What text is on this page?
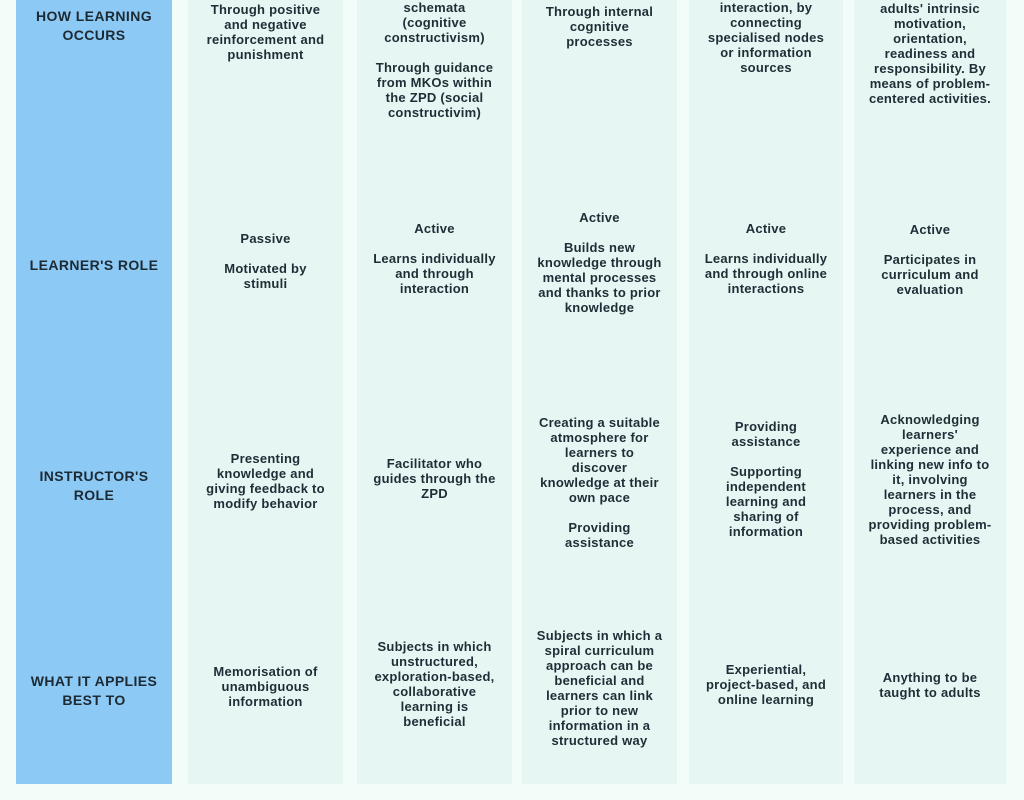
HOW LEARNING OCCURS
LEARNER'S ROLE
INSTRUCTOR'S ROLE
WHAT IT APPLIES BEST TO
Through positive and negative reinforcement and punishment
Passive
Motivated by stimuli
Presenting knowledge and giving feedback to modify behavior
Memorisation of unambiguous information
schemata (cognitive constructivism)
Through guidance from MKOs within the ZPD (social constructivim)
Active
Learns individually and through interaction
Facilitator who guides through the ZPD
Subjects in which unstructured, exploration-based, collaborative learning is beneficial
Through internal cognitive processes
Active
Builds new knowledge through mental processes and thanks to prior knowledge
Creating a suitable atmosphere for learners to discover knowledge at their own pace
Providing assistance
Subjects in which a spiral curriculum approach can be beneficial and learners can link prior to new information in a structured way
interaction, by connecting specialised nodes or information sources
Active
Learns individually and through online interactions
Providing assistance
Supporting independent learning and sharing of information
Experiential, project-based, and online learning
adults' intrinsic motivation, orientation, readiness and responsibility. By means of problem-centered activities.
Active
Participates in curriculum and evaluation
Acknowledging learners' experience and linking new info to it, involving learners in the process, and providing problem-based activities
Anything to be taught to adults
